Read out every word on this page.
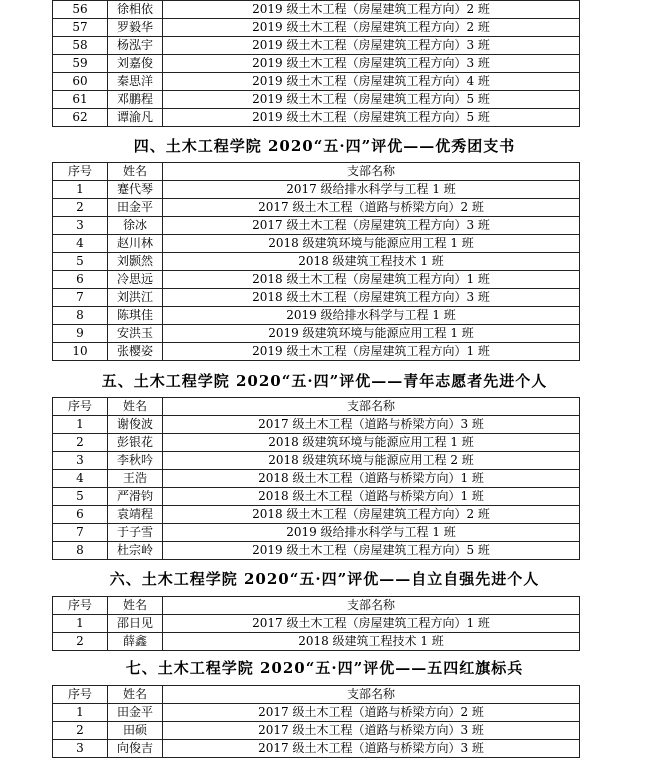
56	徐相依	2019 级土木工程（房屋建筑工程方向）2 班
57	罗毅华	2019 级土木工程（房屋建筑工程方向）2 班
58	杨泓宇	2019 级土木工程（房屋建筑工程方向）3 班
59	刘嘉俊	2019 级土木工程（房屋建筑工程方向）3 班
60	秦思洋	2019 级土木工程（房屋建筑工程方向）4 班
61	邓鹏程	2019 级土木工程（房屋建筑工程方向）5 班
62	谭渝凡	2019 级土木工程（房屋建筑工程方向）5 班
四、土木工程学院 2020“五·四”评优——优秀团支书
序号	姓名	支部名称
1	蹇代琴	2017 级给排水科学与工程 1 班
2	田金平	2017 级土木工程（道路与桥梁方向）2 班
3	徐冰	2017 级土木工程（房屋建筑工程方向）3 班
4	赵川林	2018 级建筑环境与能源应用工程 1 班
5	刘颢然	2018 级建筑工程技术 1 班
6	冷思远	2018 级土木工程（房屋建筑工程方向）1 班
7	刘洪江	2018 级土木工程（房屋建筑工程方向）3 班
8	陈琪佳	2019 级给排水科学与工程 1 班
9	安洪玉	2019 级建筑环境与能源应用工程 1 班
10	张樱姿	2019 级土木工程（房屋建筑工程方向）1 班
五、土木工程学院 2020“五·四”评优——青年志愿者先进个人
序号	姓名	支部名称
1	谢俊波	2017 级土木工程（道路与桥梁方向）3 班
2	彭银花	2018 级建筑环境与能源应用工程 1 班
3	李秋吟	2018 级建筑环境与能源应用工程 2 班
4	王浩	2018 级土木工程（道路与桥梁方向）1 班
5	严滑钧	2018 级土木工程（道路与桥梁方向）1 班
6	袁靖程	2018 级土木工程（房屋建筑工程方向）2 班
7	于子雪	2019 级给排水科学与工程 1 班
8	杜宗岭	2019 级土木工程（房屋建筑工程方向）5 班
六、土木工程学院 2020“五·四”评优——自立自强先进个人
序号	姓名	支部名称
1	邵日见	2017 级土木工程（房屋建筑工程方向）1 班
2	薛鑫	2018 级建筑工程技术 1 班
七、土木工程学院 2020“五·四”评优——五四红旗标兵
序号	姓名	支部名称
1	田金平	2017 级土木工程（道路与桥梁方向）2 班
2	田硕	2017 级土木工程（道路与桥梁方向）3 班
3	向俊吉	2017 级土木工程（道路与桥梁方向）3 班
